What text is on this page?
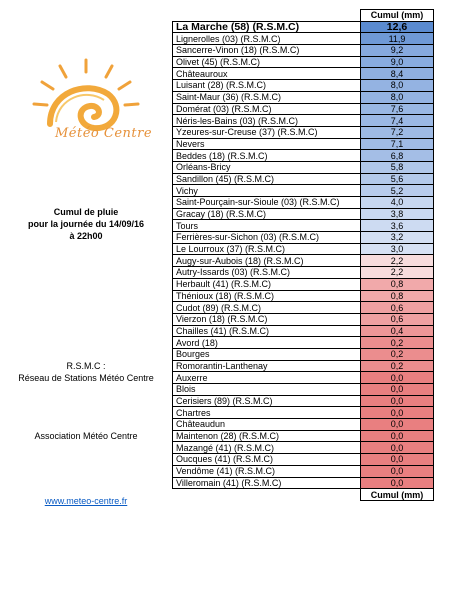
Météo Centre
Cumul de pluie
pour la journée du 14/09/16
à 22h00
R.S.M.C :
Réseau de Stations Météo Centre
Association Météo Centre
www.meteo-centre.fr
	Cumul (mm)
La Marche (58) (R.S.M.C)	12,6
Lignerolles (03) (R.S.M.C)	11,9
Sancerre-Vinon (18) (R.S.M.C)	9,2
Olivet (45) (R.S.M.C)	9,0
Châteauroux	8,4
Luisant (28) (R.S.M.C)	8,0
Saint-Maur (36) (R.S.M.C)	8,0
Domérat (03) (R.S.M.C)	7,6
Néris-les-Bains (03) (R.S.M.C)	7,4
Yzeures-sur-Creuse (37) (R.S.M.C)	7,2
Nevers	7,1
Beddes (18) (R.S.M.C)	6,8
Orléans-Bricy	5,8
Sandillon (45) (R.S.M.C)	5,6
Vichy	5,2
Saint-Pourçain-sur-Sioule (03) (R.S.M.C)	4,0
Gracay (18) (R.S.M.C)	3,8
Tours	3,6
Ferrières-sur-Sichon (03) (R.S.M.C)	3,2
Le Lourroux (37) (R.S.M.C)	3,0
Augy-sur-Aubois (18) (R.S.M.C)	2,2
Autry-Issards (03) (R.S.M.C)	2,2
Herbault (41) (R.S.M.C)	0,8
Thénioux (18) (R.S.M.C)	0,8
Cudot (89) (R.S.M.C)	0,6
Vierzon (18) (R.S.M.C)	0,6
Chailles (41) (R.S.M.C)	0,4
Avord (18)	0,2
Bourges	0,2
Romorantin-Lanthenay	0,2
Auxerre	0,0
Blois	0,0
Cerisiers (89) (R.S.M.C)	0,0
Chartres	0,0
Châteaudun	0,0
Maintenon (28) (R.S.M.C)	0,0
Mazangé (41) (R.S.M.C)	0,0
Oucques (41) (R.S.M.C)	0,0
Vendôme (41) (R.S.M.C)	0,0
Villeromain (41) (R.S.M.C)	0,0
	Cumul (mm)
